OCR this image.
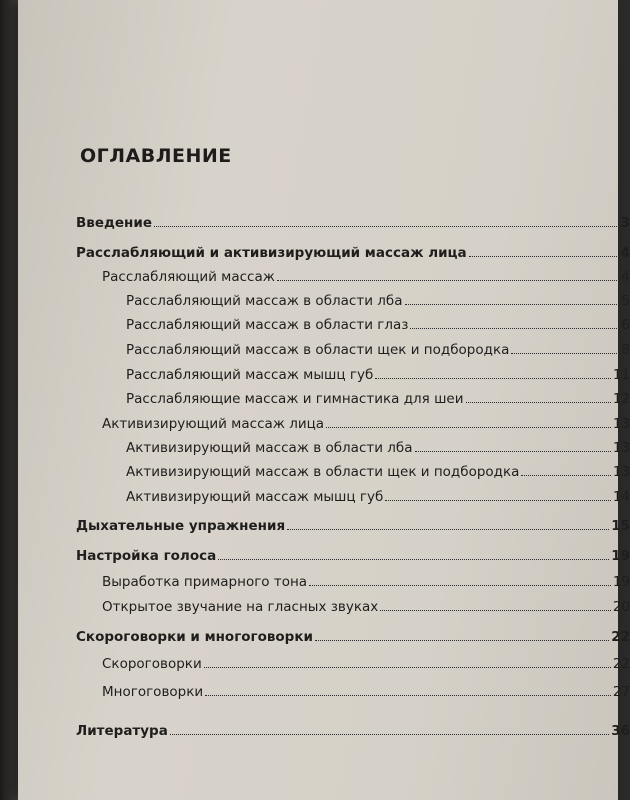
ОГЛАВЛЕНИЕ
Введение	3
Расслабляющий и активизирующий массаж лица	4
Расслабляющий массаж	4
Расслабляющий массаж в области лба	5
Расслабляющий массаж в области глаз	6
Расслабляющий массаж в области щек и подбородка	8
Расслабляющий массаж мышц губ	11
Расслабляющие массаж и гимнастика для шеи	12
Активизирующий массаж лица	13
Активизирующий массаж в области лба	13
Активизирующий массаж в области щек и подбородка	13
Активизирующий массаж мышц губ	14
Дыхательные упражнения	15
Настройка голоса	19
Выработка примарного тона	19
Открытое звучание на гласных звуках	20
Скороговорки и многоговорки	22
Скороговорки	22
Многоговорки	27
Литература	36
